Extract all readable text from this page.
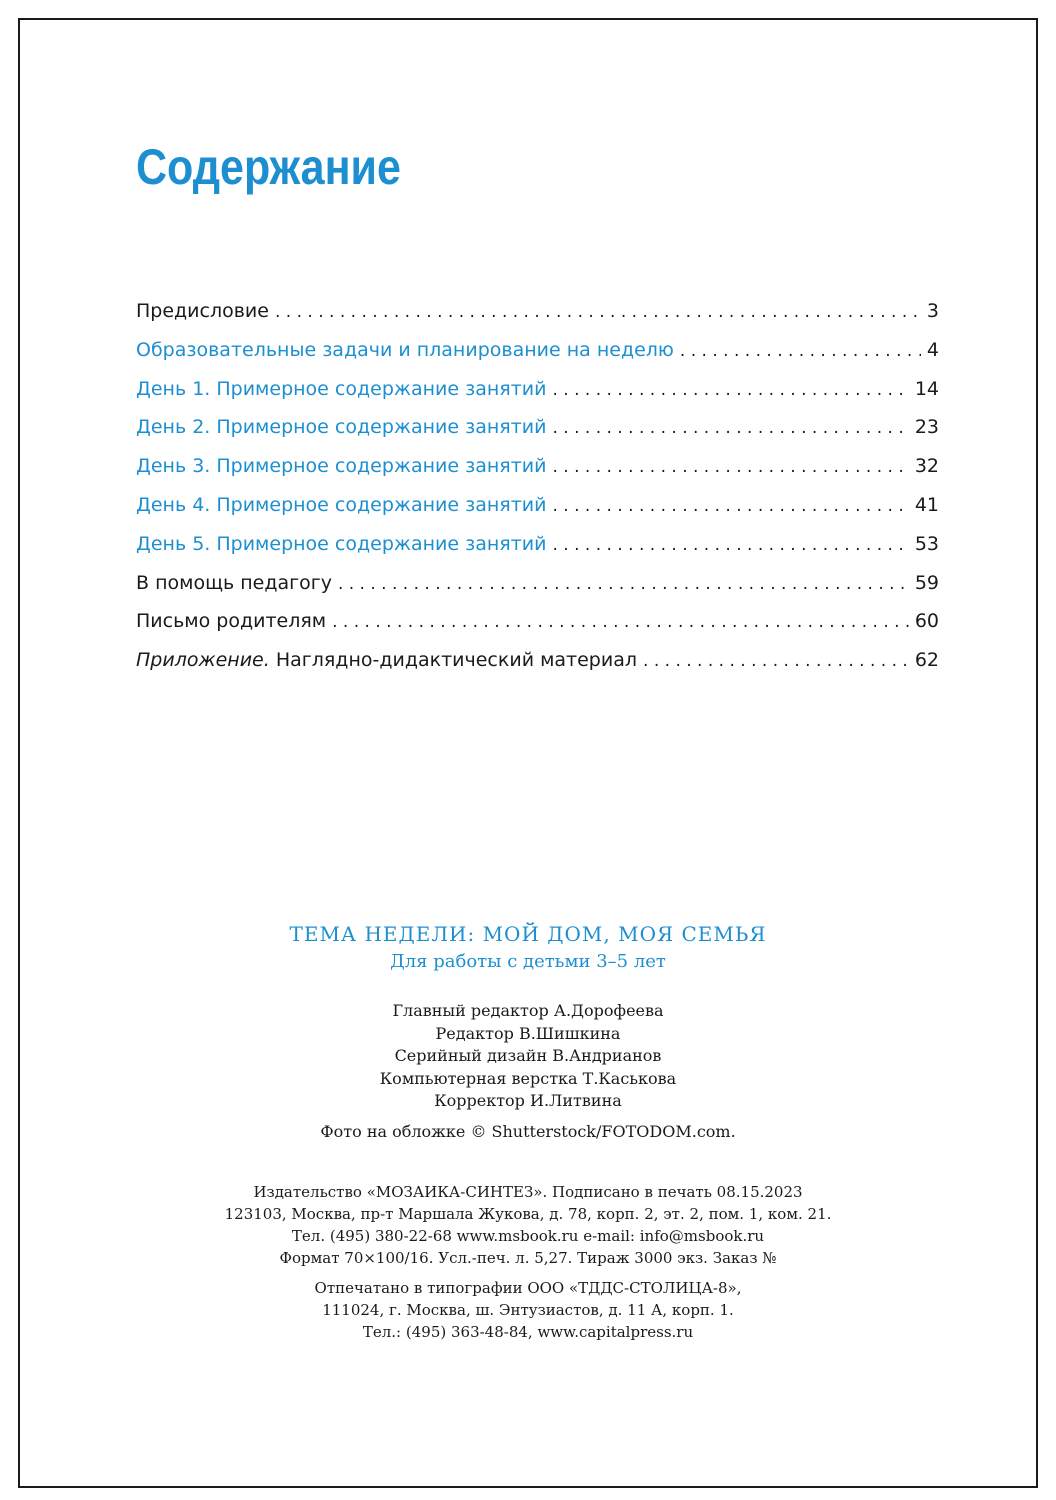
Содержание
Предисловие . . .	3
Образовательные задачи и планирование на неделю . . .	4
День 1. Примерное содержание занятий . . .	14
День 2. Примерное содержание занятий . . .	23
День 3. Примерное содержание занятий . . .	32
День 4. Примерное содержание занятий . . .	41
День 5. Примерное содержание занятий . . .	53
В помощь педагогу . . .	59
Письмо родителям . . .	60
Приложение. Наглядно-дидактический материал . . .	62
ТЕМА НЕДЕЛИ: МОЙ ДОМ, МОЯ СЕМЬЯ
Для работы с детьми 3–5 лет
Главный редактор А.Дорофеева
Редактор В.Шишкина
Серийный дизайн В.Андрианов
Компьютерная верстка Т.Каськова
Корректор И.Литвина
Фото на обложке © Shutterstock/FOTODOM.com.
Издательство «МОЗАИКА-СИНТЕЗ». Подписано в печать 08.15.2023
123103, Москва, пр-т Маршала Жукова, д. 78, корп. 2, эт. 2, пом. 1, ком. 21.
Тел. (495) 380-22-68 www.msbook.ru e-mail: info@msbook.ru
Формат 70×100/16. Усл.-печ. л. 5,27. Тираж 3000 экз. Заказ №
Отпечатано в типографии ООО «ТДДС-СТОЛИЦА-8»,
111024, г. Москва, ш. Энтузиастов, д. 11 А, корп. 1.
Тел.: (495) 363-48-84, www.capitalpress.ru
